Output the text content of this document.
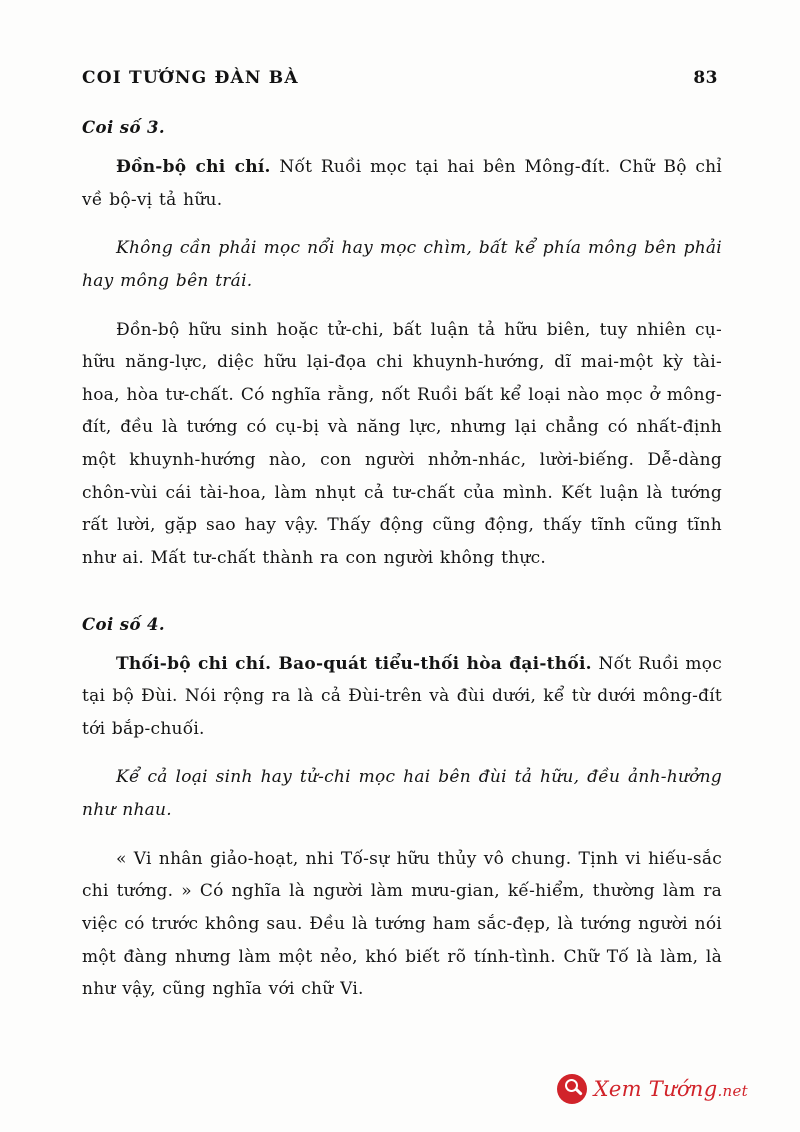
COI TƯỚNG ĐÀN BÀ	83
Coi số 3.

Đồn-bộ chi chí. Nốt Ruồi mọc tại hai bên Mông-đít. Chữ Bộ chỉ về bộ-vị tả hữu.

Không cần phải mọc nổi hay mọc chìm, bất kể phía mông bên phải hay mông bên trái.

Đồn-bộ hữu sinh hoặc tử-chi, bất luận tả hữu biên, tuy nhiên cụ-hữu năng-lực, diệc hữu lại-đọa chi khuynh-hướng, dĩ mai-một kỳ tài-hoa, hòa tư-chất. Có nghĩa rằng, nốt Ruồi bất kể loại nào mọc ở mông-đít, đều là tướng có cụ-bị và năng lực, nhưng lại chẳng có nhất-định một khuynh-hướng nào, con người nhởn-nhác, lười-biếng. Dễ-dàng chôn-vùi cái tài-hoa, làm nhụt cả tư-chất của mình. Kết luận là tướng rất lười, gặp sao hay vậy. Thấy động cũng động, thấy tĩnh cũng tĩnh như ai. Mất tư-chất thành ra con người không thực.

Coi số 4.

Thối-bộ chi chí. Bao-quát tiểu-thối hòa đại-thối. Nốt Ruồi mọc tại bộ Đùi. Nói rộng ra là cả Đùi-trên và đùi dưới, kể từ dưới mông-đít tới bắp-chuối.

Kể cả loại sinh hay tử-chi mọc hai bên đùi tả hữu, đều ảnh-hưởng như nhau.

« Vi nhân giảo-hoạt, nhi Tố-sự hữu thủy vô chung. Tịnh vi hiếu-sắc chi tướng. » Có nghĩa là người làm mưu-gian, kế-hiểm, thường làm ra việc có trước không sau. Đều là tướng ham sắc-đẹp, là tướng người nói một đàng nhưng làm một nẻo, khó biết rõ tính-tình. Chữ Tố là làm, là như vậy, cũng nghĩa với chữ Vi.

Xem Tướng.net
